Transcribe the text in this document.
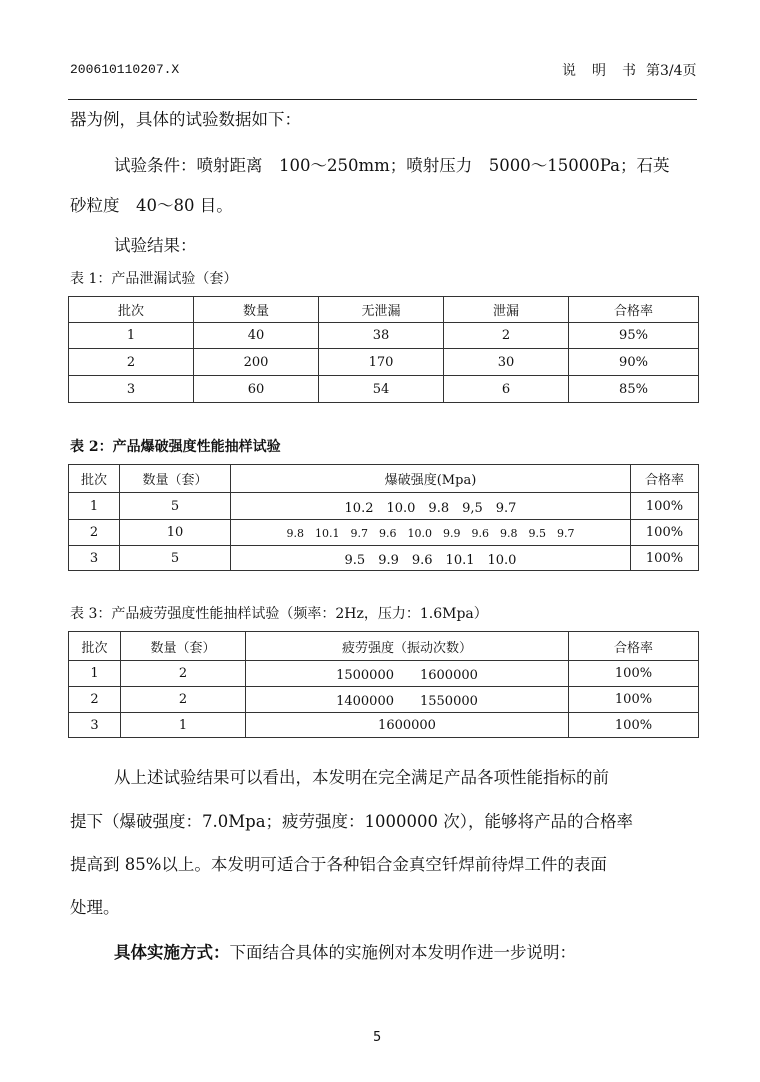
200610110207.X	说 明 书 第3/4页
器为例，具体的试验数据如下：
试验条件：喷射距离　100～250mm；喷射压力　5000～15000Pa；石英
砂粒度　40～80 目。
试验结果：
表 1：产品泄漏试验（套）
批次	数量	无泄漏	泄漏	合格率
1	40	38	2	95%
2	200	170	30	90%
3	60	54	6	85%
表 2：产品爆破强度性能抽样试验
批次	数量（套）	爆破强度(Mpa)	合格率
1	5	10.2　10.0　9.8　9,5　9.7	100%
2	10	9.8　10.1　9.7　9.6　10.0　9.9　9.6　9.8　9.5　9.7	100%
3	5	9.5　9.9　9.6　10.1　10.0	100%
表 3：产品疲劳强度性能抽样试验（频率：2Hz，压力：1.6Mpa）
批次	数量（套）	疲劳强度（振动次数）	合格率
1	2	1500000　　1600000	100%
2	2	1400000　　1550000	100%
3	1	1600000	100%
从上述试验结果可以看出，本发明在完全满足产品各项性能指标的前
提下（爆破强度：7.0Mpa；疲劳强度：1000000 次），能够将产品的合格率
提高到 85%以上。本发明可适合于各种铝合金真空钎焊前待焊工件的表面
处理。
具体实施方式：下面结合具体的实施例对本发明作进一步说明：
5
